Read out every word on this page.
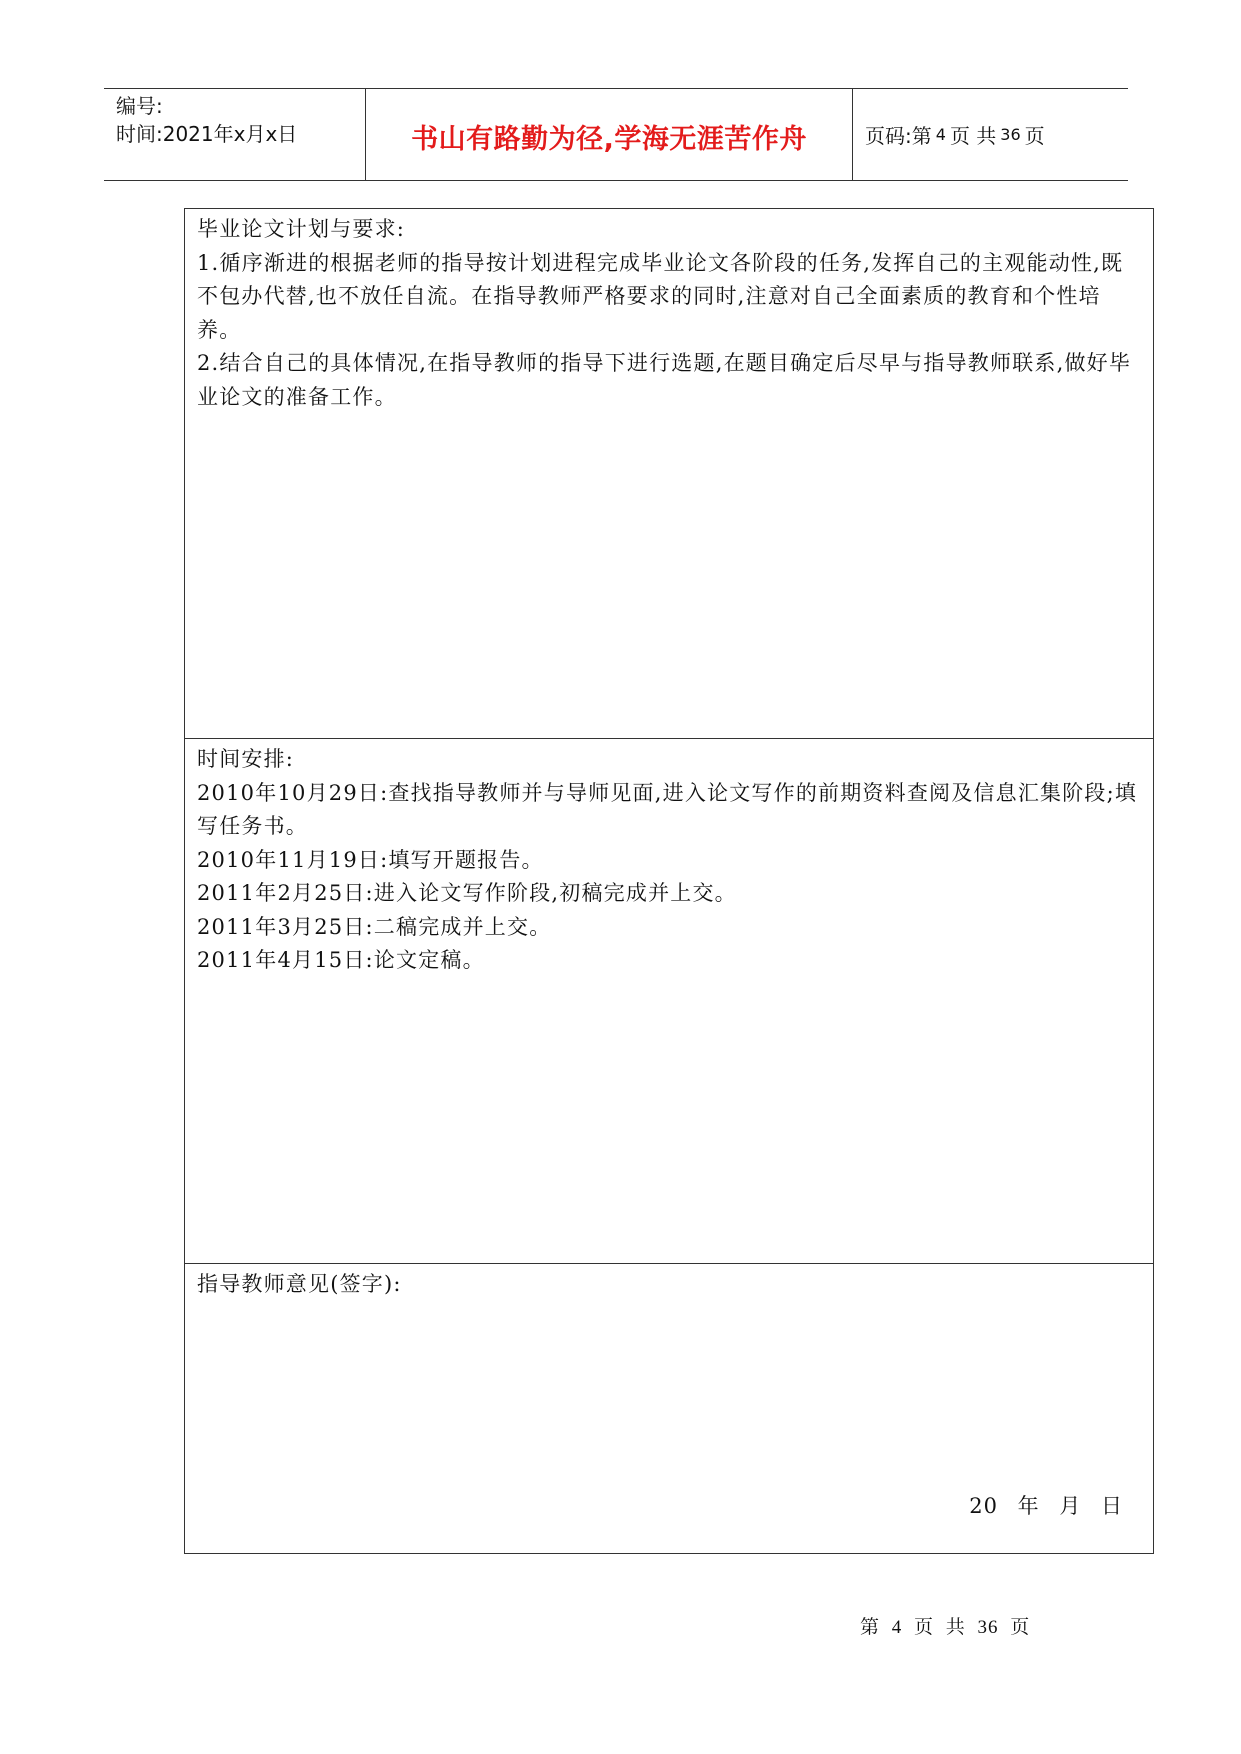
编号:
时间:2021年x月x日	书山有路勤为径,学海无涯苦作舟	页码:第 4 页 共 36 页

毕业论文计划与要求:

1.循序渐进的根据老师的指导按计划进程完成毕业论文各阶段的任务,发挥自己的主观能动性,既不包办代替,也不放任自流。在指导教师严格要求的同时,注意对自己全面素质的教育和个性培养。

2.结合自己的具体情况,在指导教师的指导下进行选题,在题目确定后尽早与指导教师联系,做好毕业论文的准备工作。

时间安排:

2010年10月29日:查找指导教师并与导师见面,进入论文写作的前期资料查阅及信息汇集阶段;填写任务书。

2010年11月19日:填写开题报告。

2011年2月25日:进入论文写作阶段,初稿完成并上交。

2011年3月25日:二稿完成并上交。

2011年4月15日:论文定稿。

指导教师意见(签字):

20 年 月 日
第 4 页 共 36 页
